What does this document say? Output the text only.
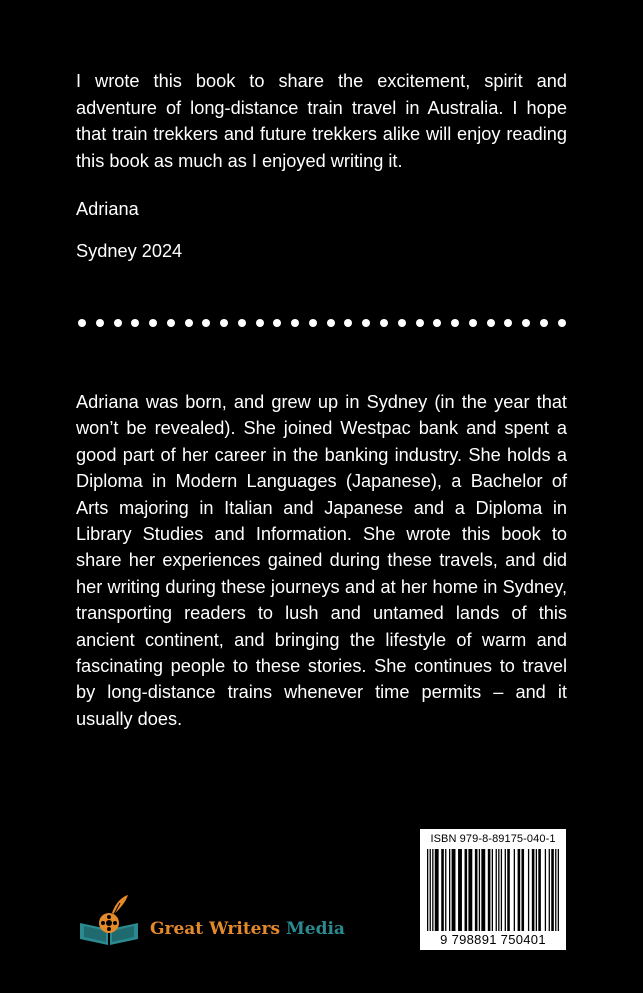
I wrote this book to share the excitement, spirit and adventure of long-distance train travel in Australia. I hope that train trekkers and future trekkers alike will enjoy reading this book as much as I enjoyed writing it.

Adriana

Sydney 2024

Adriana was born, and grew up in Sydney (in the year that won’t be revealed). She joined Westpac bank and spent a good part of her career in the banking industry. She holds a Diploma in Modern Languages (Japanese), a Bachelor of Arts majoring in Italian and Japanese and a Diploma in Library Studies and Information. She wrote this book to share her experiences gained during these travels, and did her writing during these journeys and at her home in Sydney, transporting readers to lush and untamed lands of this ancient continent, and bringing the lifestyle of warm and fascinating people to these stories. She continues to travel by long-distance trains whenever time permits – and it usually does.

Great Writers Media
ISBN 979-8-89175-040-1
9 798891 750401
